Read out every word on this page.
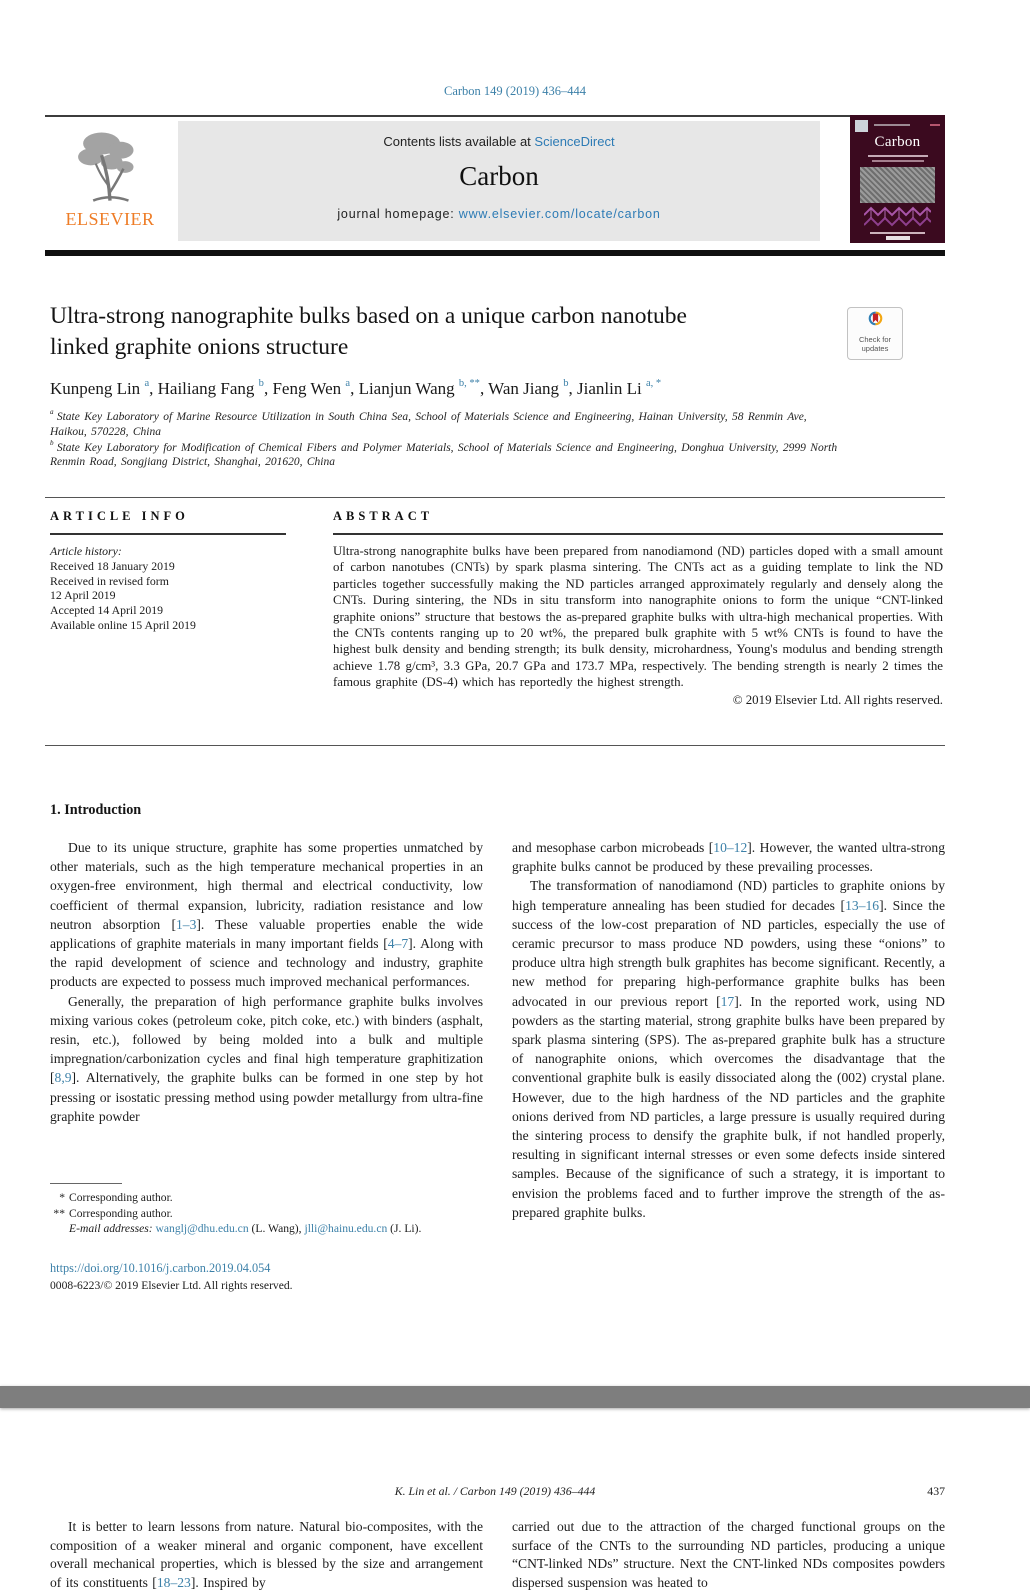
Carbon 149 (2019) 436–444
ELSEVIER
Contents lists available at ScienceDirect
Carbon
journal homepage: www.elsevier.com/locate/carbon
Carbon
Ultra-strong nanographite bulks based on a unique carbon nanotube
linked graphite onions structure	Check for
updates
Kunpeng Lin $^a$, Hailiang Fang $^b$, Feng Wen $^a$, Lianjun Wang $^{b, **}$, Wan Jiang $^b$, Jianlin Li $^{a, *}$
$^a$ State Key Laboratory of Marine Resource Utilization in South China Sea, School of Materials Science and Engineering, Hainan University, 58 Renmin Ave, Haikou, 570228, China
$^b$ State Key Laboratory for Modification of Chemical Fibers and Polymer Materials, School of Materials Science and Engineering, Donghua University, 2999 North Renmin Road, Songjiang District, Shanghai, 201620, China
ARTICLE INFO
Article history:
Received 18 January 2019
Received in revised form
12 April 2019
Accepted 14 April 2019
Available online 15 April 2019
ABSTRACT
Ultra-strong nanographite bulks have been prepared from nanodiamond (ND) particles doped with a small amount of carbon nanotubes (CNTs) by spark plasma sintering. The CNTs act as a guiding template to link the ND particles together successfully making the ND particles arranged approximately regularly and densely along the CNTs. During sintering, the NDs in situ transform into nanographite onions to form the unique “CNT-linked graphite onions” structure that bestows the as-prepared graphite bulks with ultra-high mechanical properties. With the CNTs contents ranging up to 20 wt%, the prepared bulk graphite with 5 wt% CNTs is found to have the highest bulk density and bending strength; its bulk density, microhardness, Young's modulus and bending strength achieve 1.78 g/cm³, 3.3 GPa, 20.7 GPa and 173.7 MPa, respectively. The bending strength is nearly 2 times the famous graphite (DS-4) which has reportedly the highest strength.
© 2019 Elsevier Ltd. All rights reserved.
1. Introduction

Due to its unique structure, graphite has some properties unmatched by other materials, such as the high temperature mechanical properties in an oxygen-free environment, high thermal and electrical conductivity, low coefficient of thermal expansion, lubricity, radiation resistance and low neutron absorption [1–3]. These valuable properties enable the wide applications of graphite materials in many important fields [4–7]. Along with the rapid development of science and technology and industry, graphite products are expected to possess much improved mechanical performances.

Generally, the preparation of high performance graphite bulks involves mixing various cokes (petroleum coke, pitch coke, etc.) with binders (asphalt, resin, etc.), followed by being molded into a bulk and multiple impregnation/carbonization cycles and final high temperature graphitization [8,9]. Alternatively, the graphite bulks can be formed in one step by hot pressing or isostatic pressing method using powder metallurgy from ultra-fine graphite powder

and mesophase carbon microbeads [10–12]. However, the wanted ultra-strong graphite bulks cannot be produced by these prevailing processes.

The transformation of nanodiamond (ND) particles to graphite onions by high temperature annealing has been studied for decades [13–16]. Since the success of the low-cost preparation of ND particles, especially the use of ceramic precursor to mass produce ND powders, using these “onions” to produce ultra high strength bulk graphites has become significant. Recently, a new method for preparing high-performance graphite bulks has been advocated in our previous report [17]. In the reported work, using ND powders as the starting material, strong graphite bulks have been prepared by spark plasma sintering (SPS). The as-prepared graphite bulk has a structure of nanographite onions, which overcomes the disadvantage that the conventional graphite bulk is easily dissociated along the (002) crystal plane. However, due to the high hardness of the ND particles and the graphite onions derived from ND particles, a large pressure is usually required during the sintering process to densify the graphite bulk, if not handled properly, resulting in significant internal stresses or even some defects inside sintered samples. Because of the significance of such a strategy, it is important to envision the problems faced and to further improve the strength of the as-prepared graphite bulks.

* Corresponding author.
** Corresponding author.
E-mail addresses: wanglj@dhu.edu.cn (L. Wang), jlli@hainu.edu.cn (J. Li).
https://doi.org/10.1016/j.carbon.2019.04.054
0008-6223/© 2019 Elsevier Ltd. All rights reserved.
K. Lin et al. / Carbon 149 (2019) 436–444	437

It is better to learn lessons from nature. Natural bio-composites, with the composition of a weaker mineral and organic component, have excellent overall mechanical properties, which is blessed by the size and arrangement of its constituents [18–23]. Inspired by

carried out due to the attraction of the charged functional groups on the surface of the CNTs to the surrounding ND particles, producing a unique “CNT-linked NDs” structure. Next the CNT-linked NDs composites powders dispersed suspension was heated to
